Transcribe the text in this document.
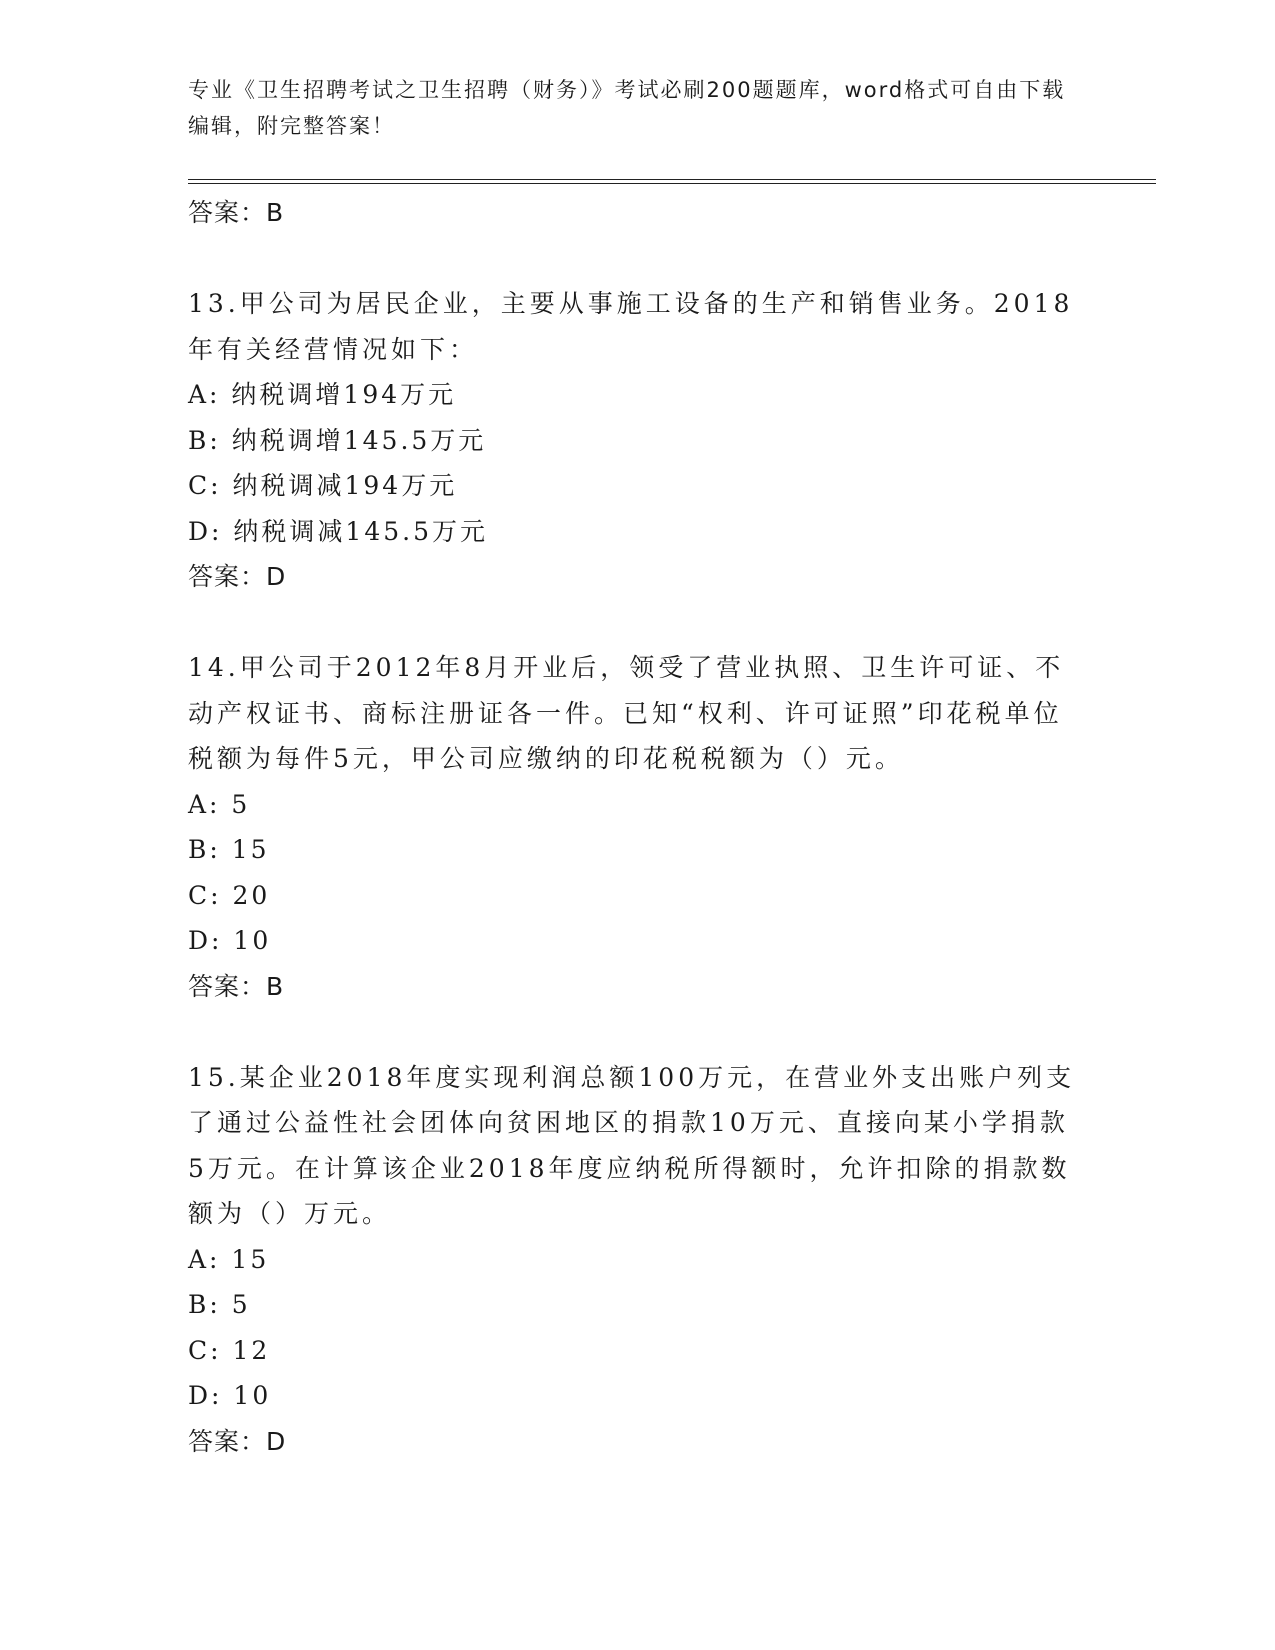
专业《卫生招聘考试之卫生招聘（财务）》考试必刷200题题库，word格式可自由下载编辑，附完整答案！
答案：B
13.甲公司为居民企业，主要从事施工设备的生产和销售业务。2018年有关经营情况如下：
A: 纳税调增194万元
B: 纳税调增145.5万元
C: 纳税调减194万元
D: 纳税调减145.5万元
答案：D
14.甲公司于2012年8月开业后，领受了营业执照、卫生许可证、不动产权证书、商标注册证各一件。已知“权利、许可证照”印花税单位税额为每件5元，甲公司应缴纳的印花税税额为（）元。
A: 5
B: 15
C: 20
D: 10
答案：B
15.某企业2018年度实现利润总额100万元，在营业外支出账户列支了通过公益性社会团体向贫困地区的捐款10万元、直接向某小学捐款5万元。在计算该企业2018年度应纳税所得额时，允许扣除的捐款数额为（）万元。
A: 15
B: 5
C: 12
D: 10
答案：D
